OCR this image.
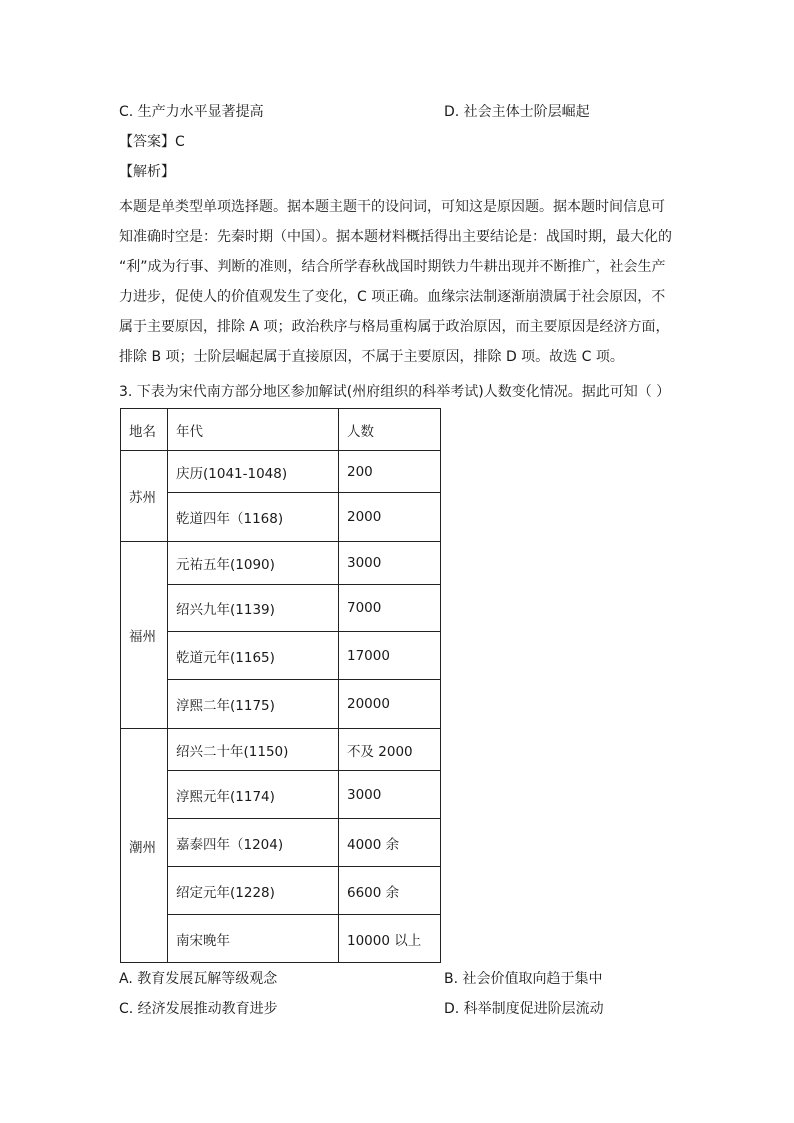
C. 生产力水平显著提高	D. 社会主体士阶层崛起
【答案】C
【解析】
本题是单类型单项选择题。据本题主题干的设问词，可知这是原因题。据本题时间信息可
知准确时空是：先秦时期（中国）。据本题材料概括得出主要结论是：战国时期，最大化的
“利”成为行事、判断的准则，结合所学春秋战国时期铁力牛耕出现并不断推广，社会生产
力进步，促使人的价值观发生了变化，C 项正确。血缘宗法制逐渐崩溃属于社会原因，不
属于主要原因，排除 A 项；政治秩序与格局重构属于政治原因，而主要原因是经济方面，
排除 B 项；士阶层崛起属于直接原因，不属于主要原因，排除 D 项。故选 C 项。
3. 下表为宋代南方部分地区参加解试(州府组织的科举考试)人数变化情况。据此可知（ ）
地名	年代	人数
苏州	庆历(1041-1048)	200
	乾道四年（1168)	2000
福州	元祐五年(1090)	3000
	绍兴九年(1139)	7000
	乾道元年(1165)	17000
	淳熙二年(1175)	20000
潮州	绍兴二十年(1150)	不及 2000
	淳熙元年(1174)	3000
	嘉泰四年（1204)	4000 余
	绍定元年(1228)	6600 余
	南宋晚年	10000 以上
A. 教育发展瓦解等级观念	B. 社会价值取向趋于集中
C. 经济发展推动教育进步	D. 科举制度促进阶层流动
